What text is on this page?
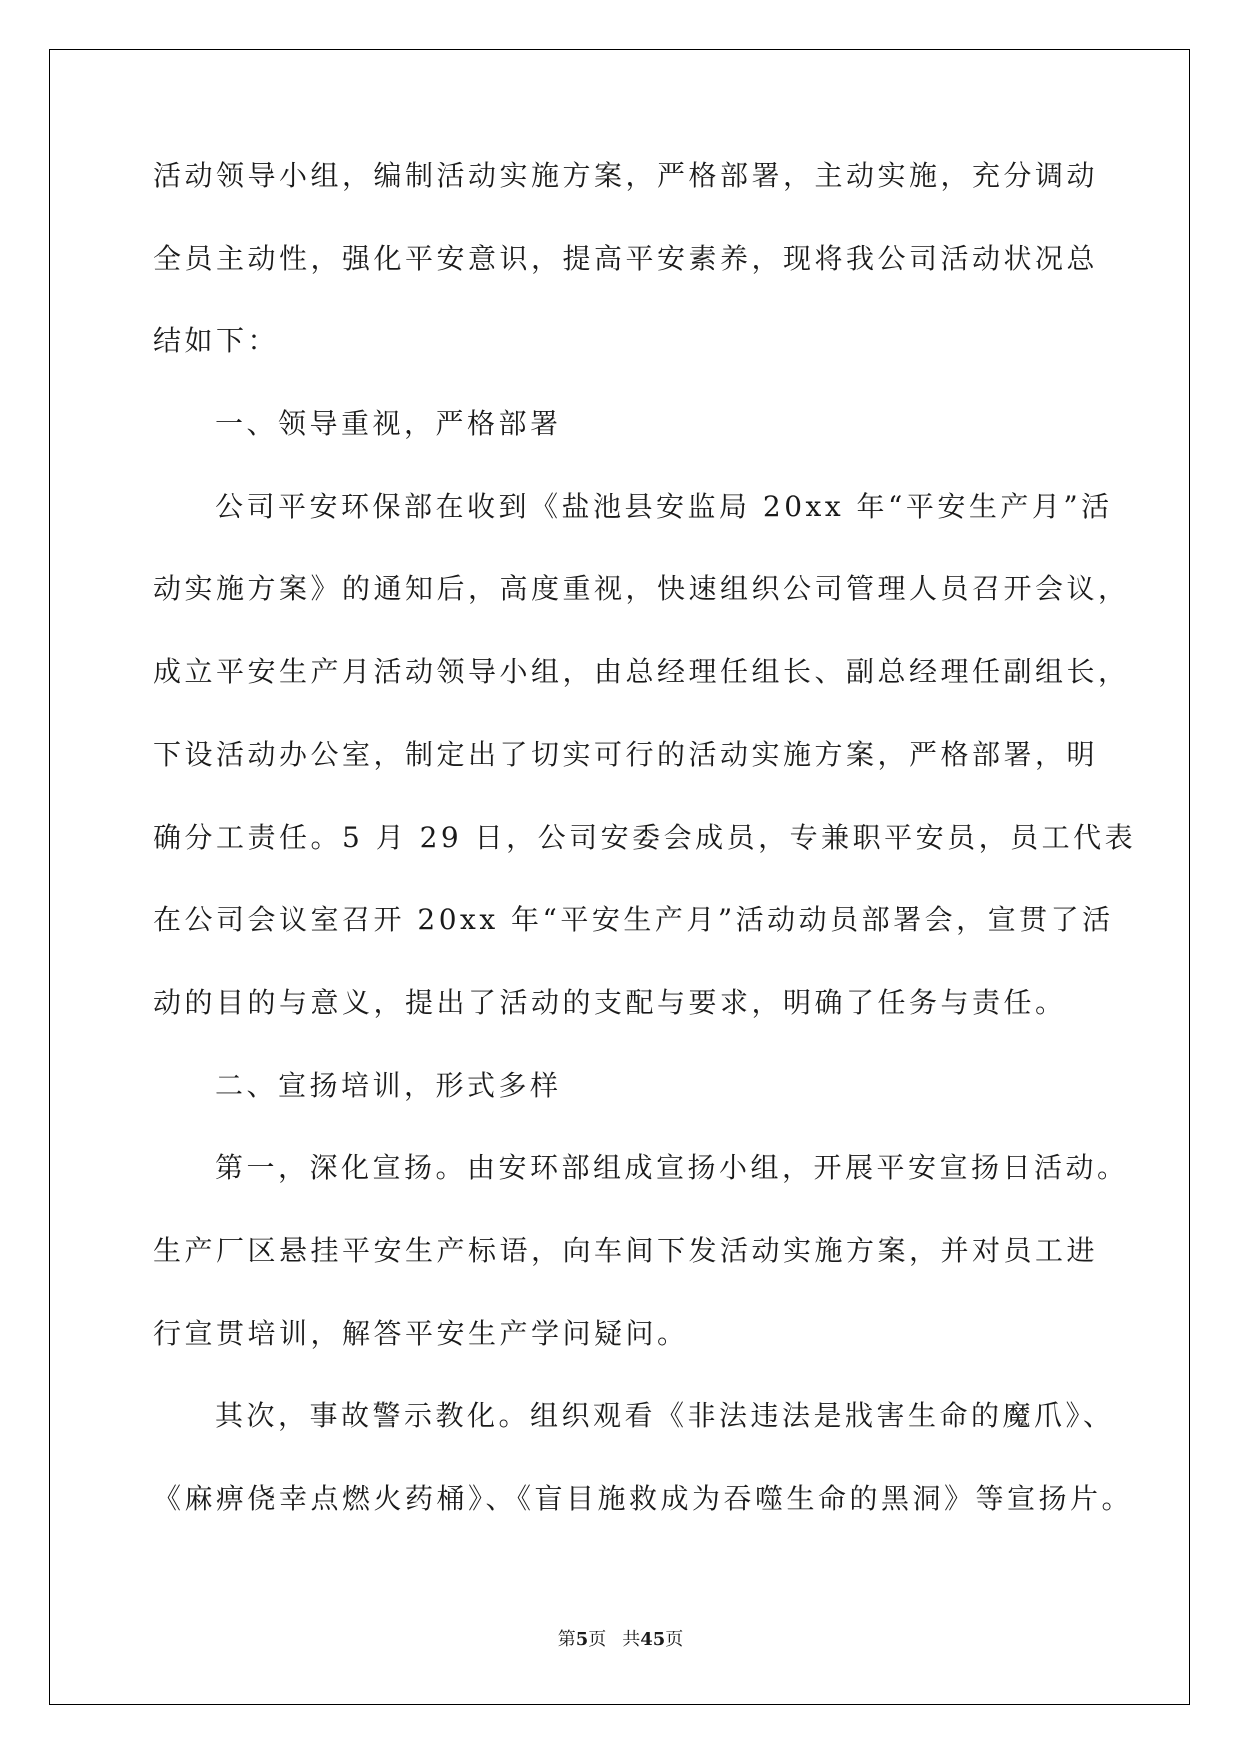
活动领导小组，编制活动实施方案，严格部署，主动实施，充分调动

全员主动性，强化平安意识，提高平安素养，现将我公司活动状况总

结如下：

一、领导重视，严格部署

公司平安环保部在收到《盐池县安监局 20xx 年“平安生产月”活

动实施方案》的通知后，高度重视，快速组织公司管理人员召开会议，

成立平安生产月活动领导小组，由总经理任组长、副总经理任副组长，

下设活动办公室，制定出了切实可行的活动实施方案，严格部署，明

确分工责任。5 月 29 日，公司安委会成员，专兼职平安员，员工代表

在公司会议室召开 20xx 年“平安生产月”活动动员部署会，宣贯了活

动的目的与意义，提出了活动的支配与要求，明确了任务与责任。

二、宣扬培训，形式多样

第一，深化宣扬。由安环部组成宣扬小组，开展平安宣扬日活动。

生产厂区悬挂平安生产标语，向车间下发活动实施方案，并对员工进

行宣贯培训，解答平安生产学问疑问。

其次，事故警示教化。组织观看《非法违法是戕害生命的魔爪》、

《麻痹侥幸点燃火药桶》、《盲目施救成为吞噬生命的黑洞》等宣扬片。

第5页 共45页
